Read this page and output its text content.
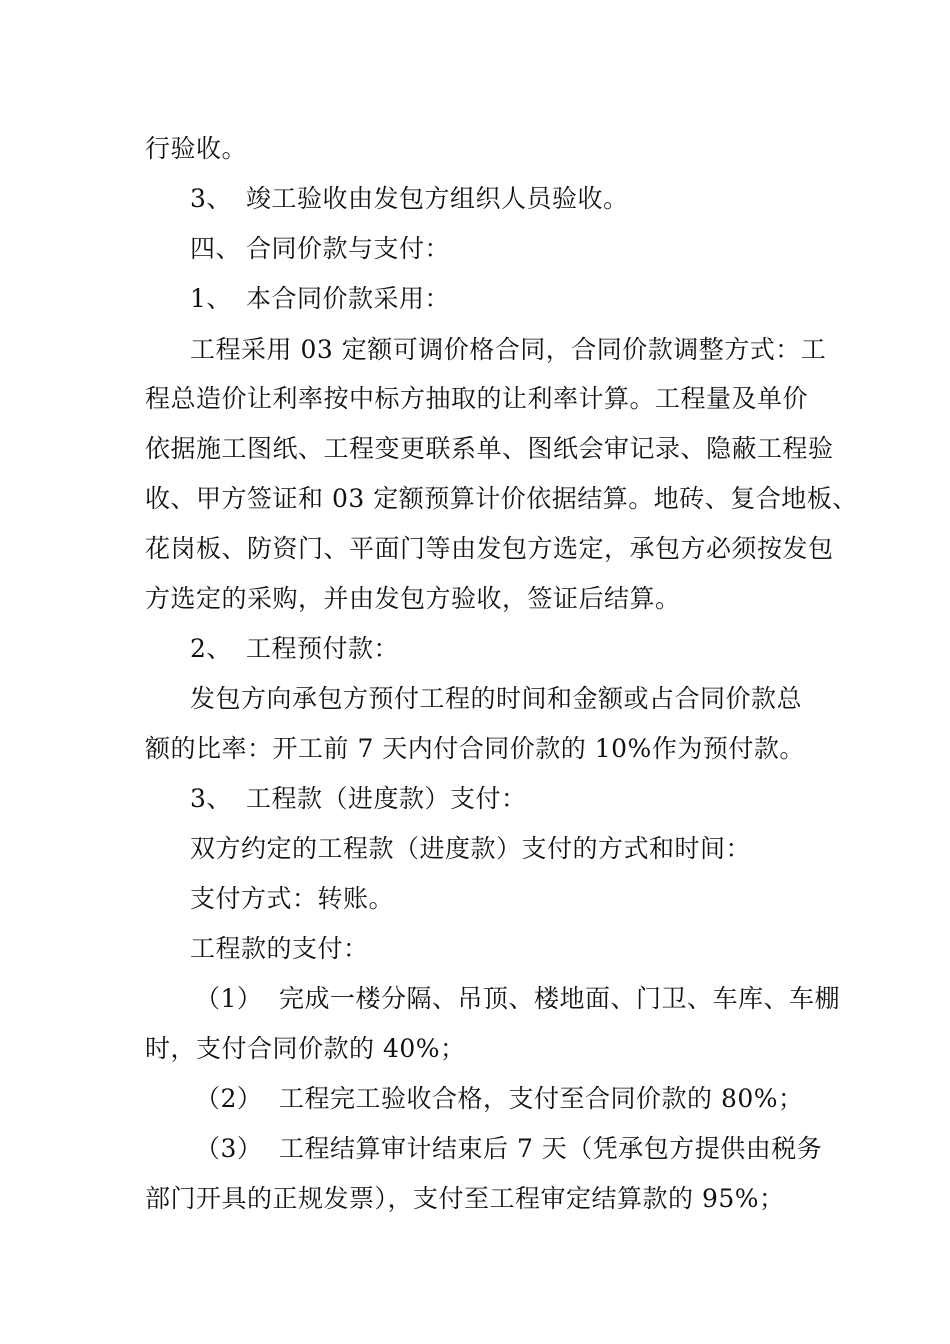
行验收。
3、 竣工验收由发包方组织人员验收。
四、 合同价款与支付：
1、 本合同价款采用：
工程采用 03 定额可调价格合同，合同价款调整方式：工
程总造价让利率按中标方抽取的让利率计算。工程量及单价
依据施工图纸、工程变更联系单、图纸会审记录、隐蔽工程验
收、甲方签证和 03 定额预算计价依据结算。地砖、复合地板、
花岗板、防资门、平面门等由发包方选定，承包方必须按发包
方选定的采购，并由发包方验收，签证后结算。
2、 工程预付款：
发包方向承包方预付工程的时间和金额或占合同价款总
额的比率：开工前 7 天内付合同价款的 10%作为预付款。
3、 工程款（进度款）支付：
双方约定的工程款（进度款）支付的方式和时间：
支付方式：转账。
工程款的支付：
（1） 完成一楼分隔、吊顶、楼地面、门卫、车库、车棚
时，支付合同价款的 40%；
（2） 工程完工验收合格，支付至合同价款的 80%；
（3） 工程结算审计结束后 7 天（凭承包方提供由税务
部门开具的正规发票），支付至工程审定结算款的 95%；
